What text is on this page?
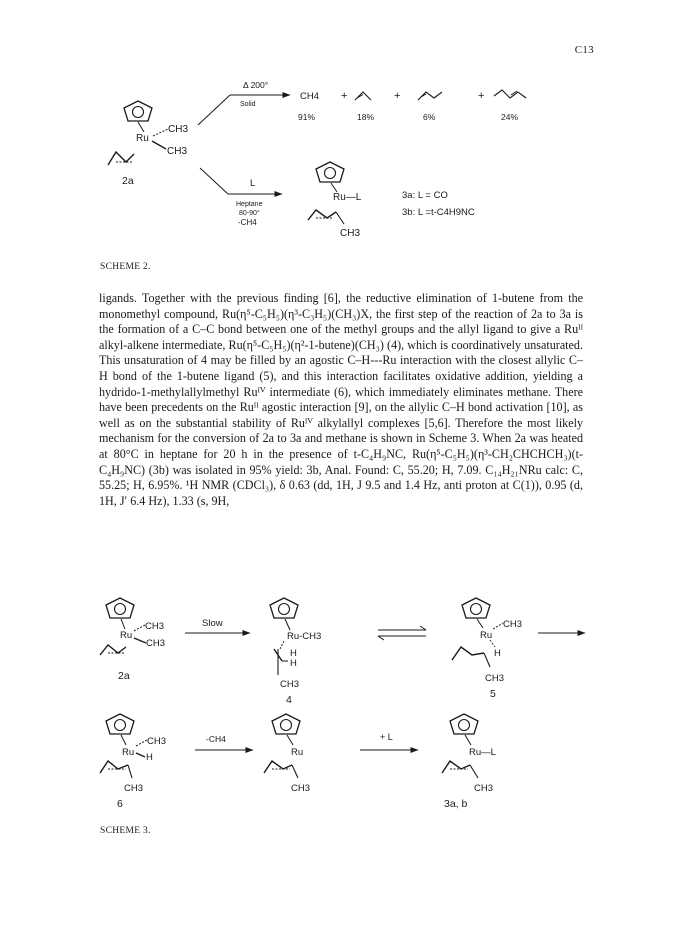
C13
Ru
CH3
CH3
2a
Δ 200°
Solid
CH4 +	+	+
91%	18%	6%	24%
L
Heptane
80-90°
-CH4
Ru—L
CH3
3a: L = CO
3b: L =t-C4H9NC
SCHEME 2.

ligands. Together with the previous finding [6], the reductive elimination of 1-butene from the monomethyl compound, Ru(η⁵-C₅H₅)(η³-C₃H₅)(CH₃)X, the first step of the reaction of 2a to 3a is the formation of a C–C bond between one of the methyl groups and the allyl ligand to give a Ruᴵᴵ alkyl-alkene intermediate, Ru(η⁵-C₅H₅)(η²-1-butene)(CH₃) (4), which is coordinatively unsaturated. This unsaturation of 4 may be filled by an agostic C–H---Ru interaction with the closest allylic C–H bond of the 1-butene ligand (5), and this interaction facilitates oxidative addition, yielding a hydrido-1-methylallylmethyl Ruᴵⱽ intermediate (6), which immediately eliminates methane. There have been precedents on the Ruᴵᴵ agostic interaction [9], on the allylic C–H bond activation [10], as well as on the substantial stability of Ruᴵⱽ alkylallyl complexes [5,6]. Therefore the most likely mechanism for the conversion of 2a to 3a and methane is shown in Scheme 3. When 2a was heated at 80°C in heptane for 20 h in the presence of t-C₄H₉NC, Ru(η⁵-C₅H₅)(η³-CH₂CHCHCH₃)(t-C₄H₉NC) (3b) was isolated in 95% yield: 3b, Anal. Found: C, 55.20; H, 7.09. C₁₄H₂₁NRu calc: C, 55.25; H, 6.95%. ¹H NMR (CDCl₃), δ 0.63 (dd, 1H, J 9.5 and 1.4 Hz, anti proton at C(1)), 0.95 (d, 1H, J′ 6.4 Hz), 1.33 (s, 9H,

Ru
CH3
CH3
2a
Slow
Ru-CH3
H
H
CH3
4
Ru
CH3
H
CH3
5
Ru
CH3
H
CH3
6
-CH4
Ru
CH3
+ L
Ru—L
CH3
3a, b
SCHEME 3.
